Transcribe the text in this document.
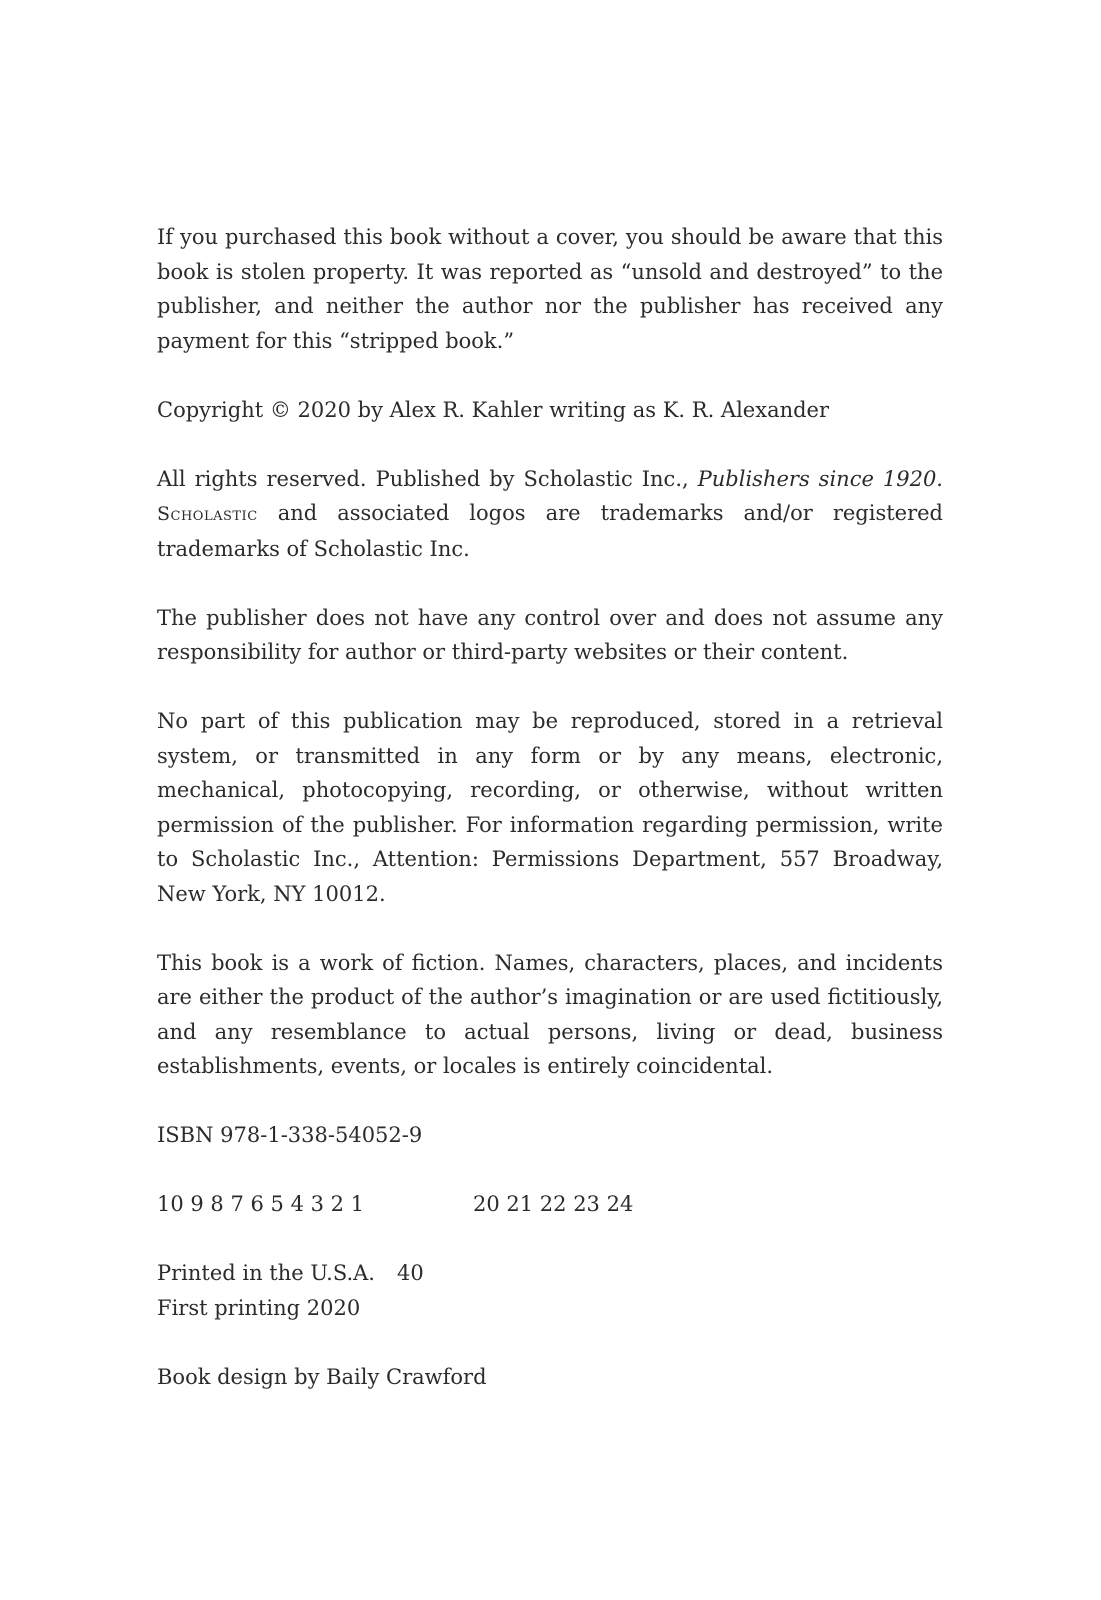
If you purchased this book without a cover, you should be aware that this book is stolen property. It was reported as “unsold and destroyed” to the publisher, and neither the author nor the publisher has received any payment for this “stripped book.”

Copyright © 2020 by Alex R. Kahler writing as K. R. Alexander

All rights reserved. Published by Scholastic Inc., Publishers since 1920. Scholastic and associated logos are trademarks and/or registered trademarks of Scholastic Inc.

The publisher does not have any control over and does not assume any responsibility for author or third-party websites or their content.

No part of this publication may be reproduced, stored in a retrieval system, or transmitted in any form or by any means, electronic, mechanical, photocopying, recording, or otherwise, without written permission of the publisher. For information regarding permission, write to Scholastic Inc., Attention: Permissions Department, 557 Broadway, New York, NY 10012.

This book is a work of fiction. Names, characters, places, and incidents are either the product of the author’s imagination or are used fictitiously, and any resemblance to actual persons, living or dead, business establishments, events, or locales is entirely coincidental.

ISBN 978-1-338-54052-9

10 9 8 7 6 5 4 3 2 1	20 21 22 23 24

Printed in the U.S.A. 40

First printing 2020

Book design by Baily Crawford
